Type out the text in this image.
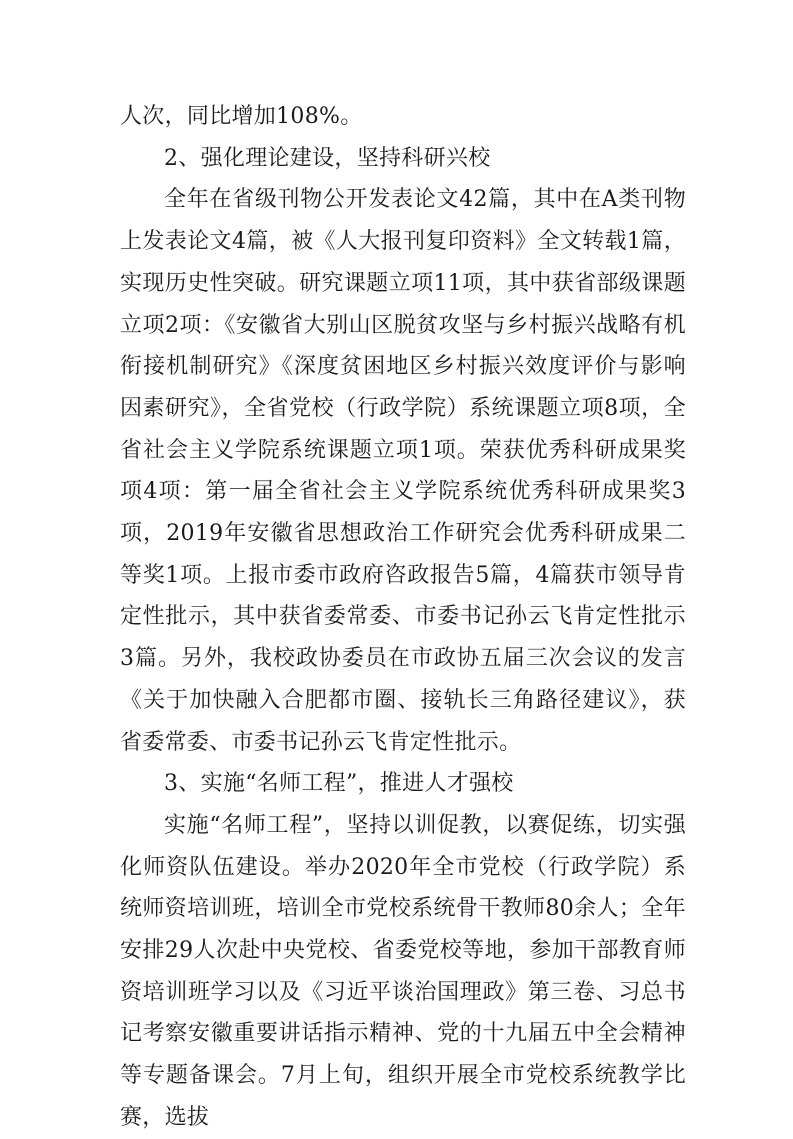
人次，同比增加108%。

2、强化理论建设，坚持科研兴校

全年在省级刊物公开发表论文42篇，其中在A类刊物上发表论文4篇，被《人大报刊复印资料》全文转载1篇，实现历史性突破。研究课题立项11项，其中获省部级课题立项2项：《安徽省大别山区脱贫攻坚与乡村振兴战略有机衔接机制研究》《深度贫困地区乡村振兴效度评价与影响因素研究》，全省党校（行政学院）系统课题立项8项，全省社会主义学院系统课题立项1项。荣获优秀科研成果奖项4项：第一届全省社会主义学院系统优秀科研成果奖3项，2019年安徽省思想政治工作研究会优秀科研成果二等奖1项。上报市委市政府咨政报告5篇，4篇获市领导肯定性批示，其中获省委常委、市委书记孙云飞肯定性批示3篇。另外，我校政协委员在市政协五届三次会议的发言《关于加快融入合肥都市圈、接轨长三角路径建议》，获省委常委、市委书记孙云飞肯定性批示。

3、实施“名师工程”，推进人才强校

实施“名师工程”，坚持以训促教，以赛促练，切实强化师资队伍建设。举办2020年全市党校（行政学院）系统师资培训班，培训全市党校系统骨干教师80余人；全年安排29人次赴中央党校、省委党校等地，参加干部教育师资培训班学习以及《习近平谈治国理政》第三卷、习总书记考察安徽重要讲话指示精神、党的十九届五中全会精神等专题备课会。7月上旬，组织开展全市党校系统教学比赛，选拔
